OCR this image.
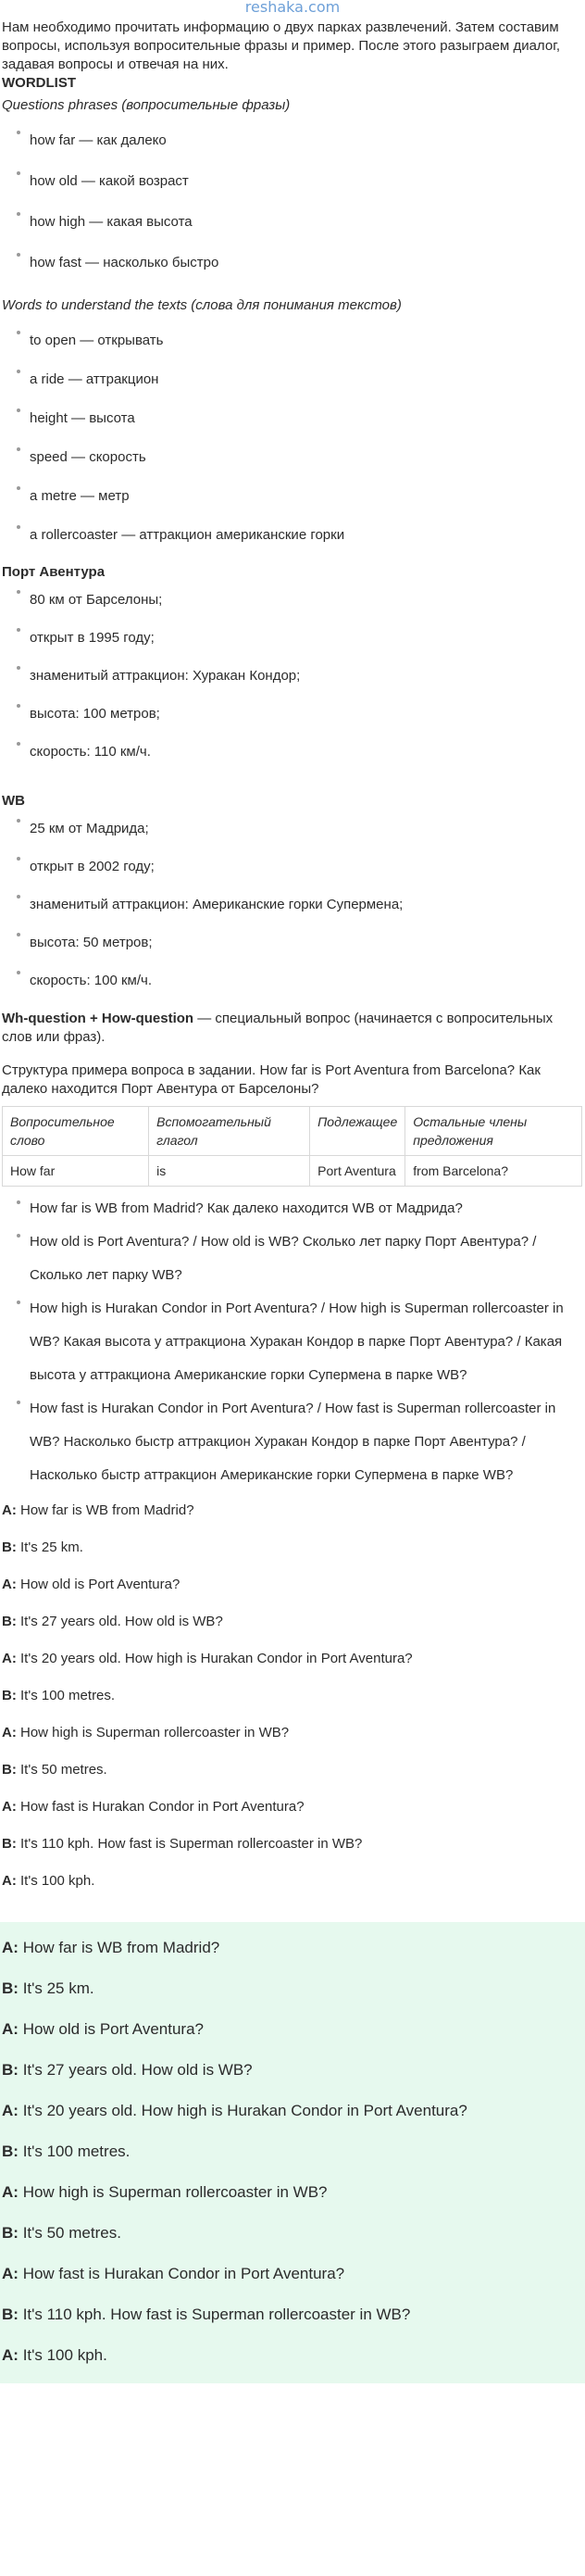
reshaka.com
Нам необходимо прочитать информацию о двух парках развлечений. Затем составим вопросы, используя вопросительные фразы и пример. После этого разыграем диалог, задавая вопросы и отвечая на них.
WORDLIST
Questions phrases (вопросительные фразы)
how far — как далеко
how old — какой возраст
how high — какая высота
how fast — насколько быстро
Words to understand the texts (слова для понимания текстов)
to open — открывать
a ride — аттракцион
height — высота
speed — скорость
a metre — метр
a rollercoaster — аттракцион американские горки
Порт Авентура
80 км от Барселоны;
открыт в 1995 году;
знаменитый аттракцион: Хуракан Кондор;
высота: 100 метров;
скорость: 110 км/ч.
WB
25 км от Мадрида;
открыт в 2002 году;
знаменитый аттракцион: Американские горки Супермена;
высота: 50 метров;
скорость: 100 км/ч.
Wh-question + How-question — специальный вопрос (начинается с вопросительных слов или фраз).
Структура примера вопроса в задании. How far is Port Aventura from Barcelona? Как далеко находится Порт Авентура от Барселоны?
Вопросительное слово	Вспомогательный глагол	Подлежащее	Остальные члены предложения
How far	is	Port Aventura	from Barcelona?
How far is WB from Madrid? Как далеко находится WB от Мадрида?
How old is Port Aventura? / How old is WB? Сколько лет парку Порт Авентура? / Сколько лет парку WB?
How high is Hurakan Condor in Port Aventura? / How high is Superman rollercoaster in WB? Какая высота у аттракциона Хуракан Кондор в парке Порт Авентура? / Какая высота у аттракциона Американские горки Супермена в парке WB?
How fast is Hurakan Condor in Port Aventura? / How fast is Superman rollercoaster in WB? Насколько быстр аттракцион Хуракан Кондор в парке Порт Авентура? /Насколько быстр аттракцион Американские горки Супермена в парке WB?

A:
How far is WB from Madrid?

B:
It's 25 km.

A:
How old is Port Aventura?

B:
It's 27 years old. How old is WB?

A:
It's 20 years old. How high is Hurakan Condor in Port Aventura?

B:
It's 100 metres.

A:
How high is Superman rollercoaster in WB?

B:
It's 50 metres.

A:
How fast is Hurakan Condor in Port Aventura?

B:
It's 110 kph. How fast is Superman rollercoaster in WB?

A:
It's 100 kph.

A:
How far is WB from Madrid?

B:
It's 25 km.

A:
How old is Port Aventura?

B:
It's 27 years old. How old is WB?

A:
It's 20 years old. How high is Hurakan Condor in Port Aventura?

B:
It's 100 metres.

A:
How high is Superman rollercoaster in WB?

B:
It's 50 metres.

A:
How fast is Hurakan Condor in Port Aventura?

B:
It's 110 kph. How fast is Superman rollercoaster in WB?

A:
It's 100 kph.
